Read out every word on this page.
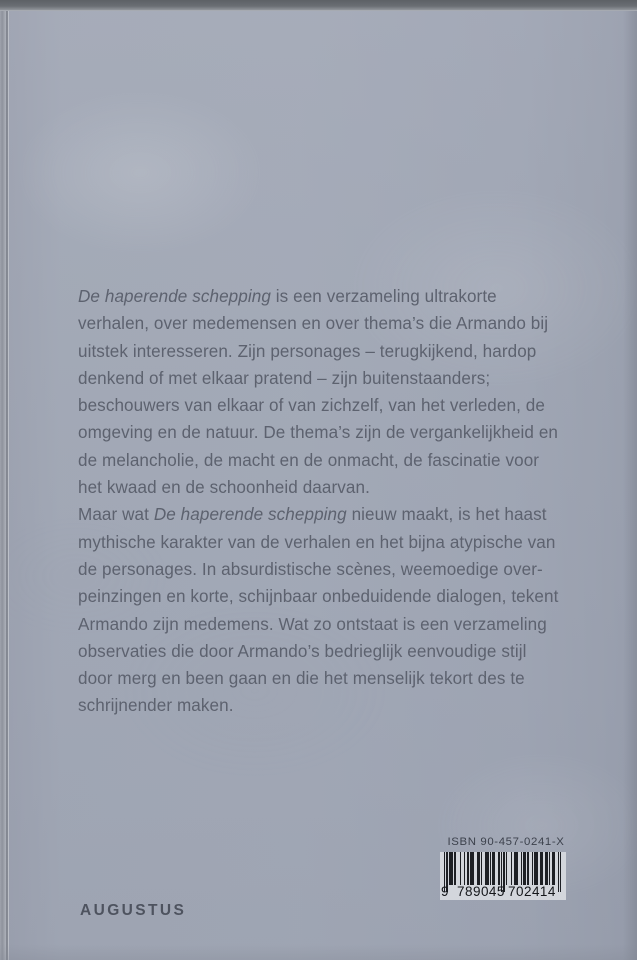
De haperende schepping is een verzameling ultrakorte verhalen, over medemensen en over thema’s die Armando bij uitstek interesseren. Zijn personages – terugkijkend, hardop denkend of met elkaar pratend – zijn buitenstaanders; beschouwers van elkaar of van zichzelf, van het verleden, de omgeving en de natuur. De thema’s zijn de vergankelijkheid en de melancholie, de macht en de onmacht, de fascinatie voor het kwaad en de schoonheid daarvan.

Maar wat De haperende schepping nieuw maakt, is het haast mythische karakter van de verhalen en het bijna atypische van de personages. In absurdistische scènes, weemoedige over-peinzingen en korte, schijnbaar onbeduidende dialogen, tekent Armando zijn medemens. Wat zo ontstaat is een verzameling observaties die door Armando’s bedrieglijk eenvoudige stijl door merg en been gaan en die het menselijk tekort des te schrijnender maken.

AUGUSTUS
ISBN 90-457-0241-X
9 789045 702414
